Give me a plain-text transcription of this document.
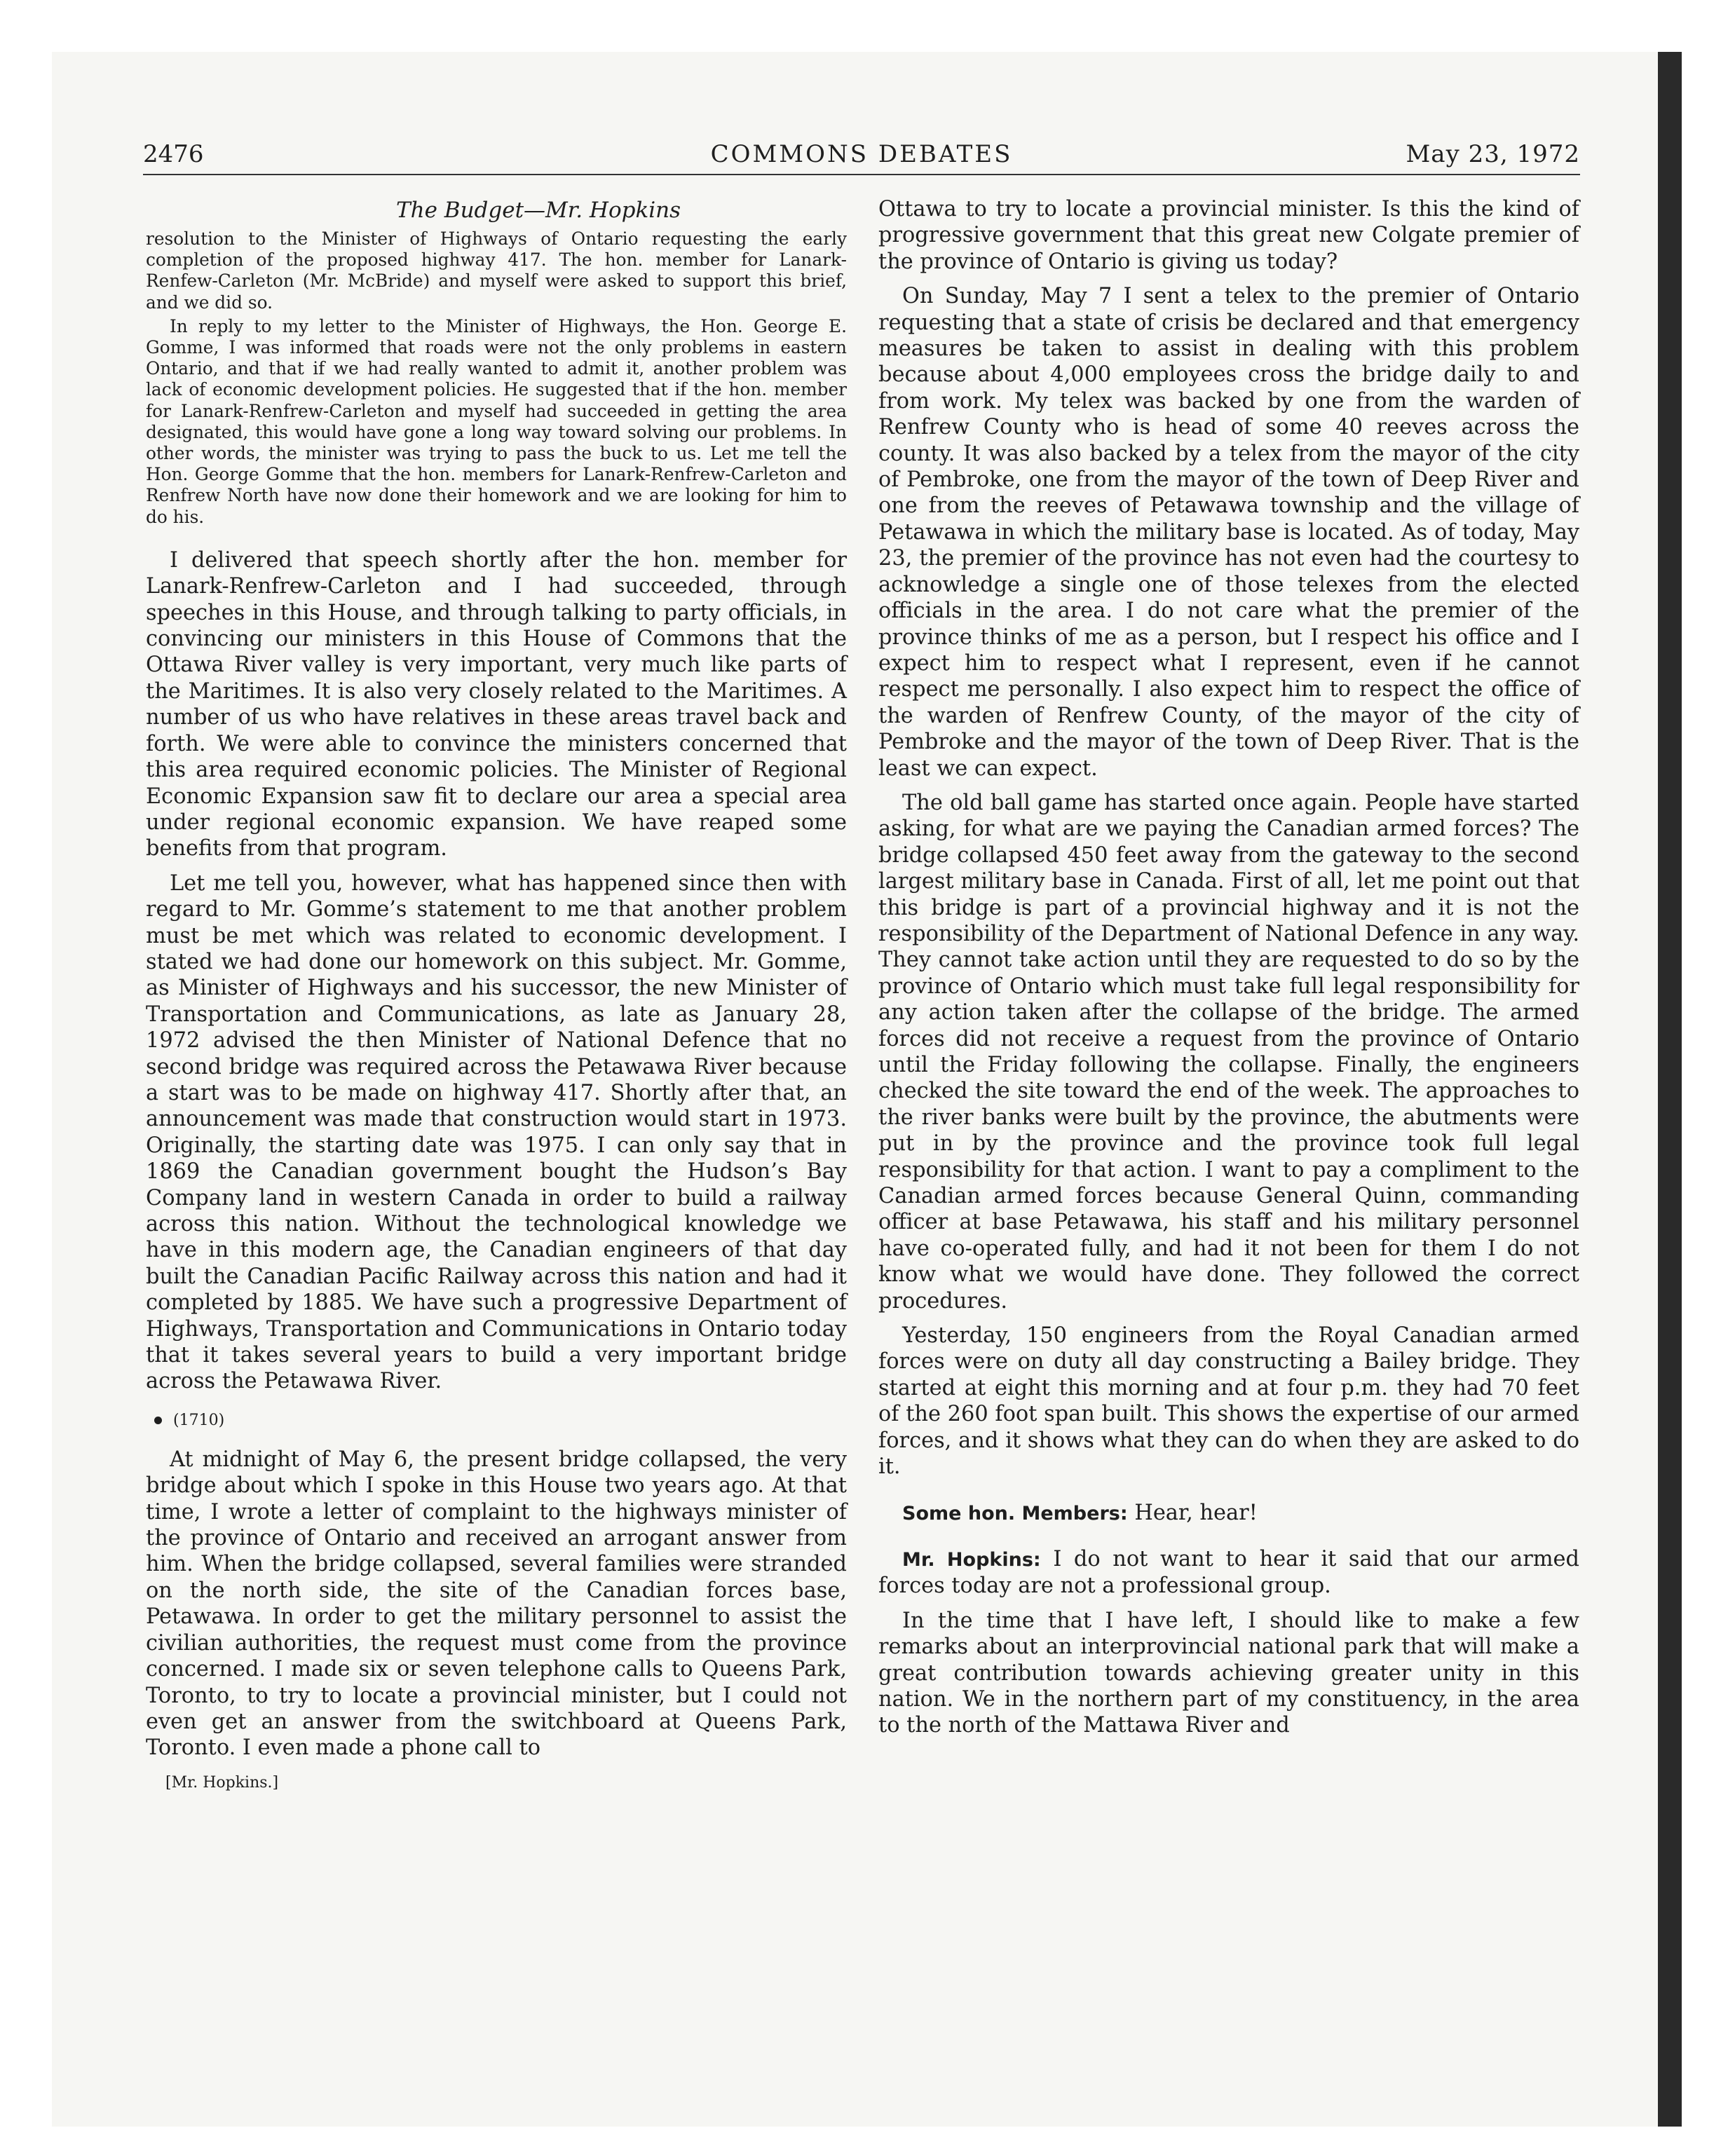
2476	COMMONS DEBATES	May 23, 1972
The Budget—Mr. Hopkins

resolution to the Minister of Highways of Ontario requesting the early completion of the proposed highway 417. The hon. member for Lanark-Renfew-Carleton (Mr. McBride) and myself were asked to support this brief, and we did so.

In reply to my letter to the Minister of Highways, the Hon. George E. Gomme, I was informed that roads were not the only problems in eastern Ontario, and that if we had really wanted to admit it, another problem was lack of economic development policies. He suggested that if the hon. member for Lanark-Renfrew-Carleton and myself had succeeded in getting the area designated, this would have gone a long way toward solving our problems. In other words, the minister was trying to pass the buck to us. Let me tell the Hon. George Gomme that the hon. members for Lanark-Renfrew-Carleton and Renfrew North have now done their homework and we are looking for him to do his.

I delivered that speech shortly after the hon. member for Lanark-Renfrew-Carleton and I had succeeded, through speeches in this House, and through talking to party officials, in convincing our ministers in this House of Commons that the Ottawa River valley is very important, very much like parts of the Maritimes. It is also very closely related to the Maritimes. A number of us who have relatives in these areas travel back and forth. We were able to convince the ministers concerned that this area required economic policies. The Minister of Regional Economic Expansion saw fit to declare our area a special area under regional economic expansion. We have reaped some benefits from that program.

Let me tell you, however, what has happened since then with regard to Mr. Gomme’s statement to me that another problem must be met which was related to economic development. I stated we had done our homework on this subject. Mr. Gomme, as Minister of Highways and his successor, the new Minister of Transportation and Communications, as late as January 28, 1972 advised the then Minister of National Defence that no second bridge was required across the Petawawa River because a start was to be made on highway 417. Shortly after that, an announcement was made that construction would start in 1973. Originally, the starting date was 1975. I can only say that in 1869 the Canadian government bought the Hudson’s Bay Company land in western Canada in order to build a railway across this nation. Without the technological knowledge we have in this modern age, the Canadian engineers of that day built the Canadian Pacific Railway across this nation and had it completed by 1885. We have such a progressive Department of Highways, Transportation and Communications in Ontario today that it takes several years to build a very important bridge across the Petawawa River.

(1710)

At midnight of May 6, the present bridge collapsed, the very bridge about which I spoke in this House two years ago. At that time, I wrote a letter of complaint to the highways minister of the province of Ontario and received an arrogant answer from him. When the bridge collapsed, several families were stranded on the north side, the site of the Canadian forces base, Petawawa. In order to get the military personnel to assist the civilian authorities, the request must come from the province concerned. I made six or seven telephone calls to Queens Park, Toronto, to try to locate a provincial minister, but I could not even get an answer from the switchboard at Queens Park, Toronto. I even made a phone call to

[Mr. Hopkins.]

Ottawa to try to locate a provincial minister. Is this the kind of progressive government that this great new Colgate premier of the province of Ontario is giving us today?

On Sunday, May 7 I sent a telex to the premier of Ontario requesting that a state of crisis be declared and that emergency measures be taken to assist in dealing with this problem because about 4,000 employees cross the bridge daily to and from work. My telex was backed by one from the warden of Renfrew County who is head of some 40 reeves across the county. It was also backed by a telex from the mayor of the city of Pembroke, one from the mayor of the town of Deep River and one from the reeves of Petawawa township and the village of Petawawa in which the military base is located. As of today, May 23, the premier of the province has not even had the courtesy to acknowledge a single one of those telexes from the elected officials in the area. I do not care what the premier of the province thinks of me as a person, but I respect his office and I expect him to respect what I represent, even if he cannot respect me personally. I also expect him to respect the office of the warden of Renfrew County, of the mayor of the city of Pembroke and the mayor of the town of Deep River. That is the least we can expect.

The old ball game has started once again. People have started asking, for what are we paying the Canadian armed forces? The bridge collapsed 450 feet away from the gateway to the second largest military base in Canada. First of all, let me point out that this bridge is part of a provincial highway and it is not the responsibility of the Department of National Defence in any way. They cannot take action until they are requested to do so by the province of Ontario which must take full legal responsibility for any action taken after the collapse of the bridge. The armed forces did not receive a request from the province of Ontario until the Friday following the collapse. Finally, the engineers checked the site toward the end of the week. The approaches to the river banks were built by the province, the abutments were put in by the province and the province took full legal responsibility for that action. I want to pay a compliment to the Canadian armed forces because General Quinn, commanding officer at base Petawawa, his staff and his military personnel have co-operated fully, and had it not been for them I do not know what we would have done. They followed the correct procedures.

Yesterday, 150 engineers from the Royal Canadian armed forces were on duty all day constructing a Bailey bridge. They started at eight this morning and at four p.m. they had 70 feet of the 260 foot span built. This shows the expertise of our armed forces, and it shows what they can do when they are asked to do it.

Some hon. Members: Hear, hear!

Mr. Hopkins: I do not want to hear it said that our armed forces today are not a professional group.

In the time that I have left, I should like to make a few remarks about an interprovincial national park that will make a great contribution towards achieving greater unity in this nation. We in the northern part of my constituency, in the area to the north of the Mattawa River and
